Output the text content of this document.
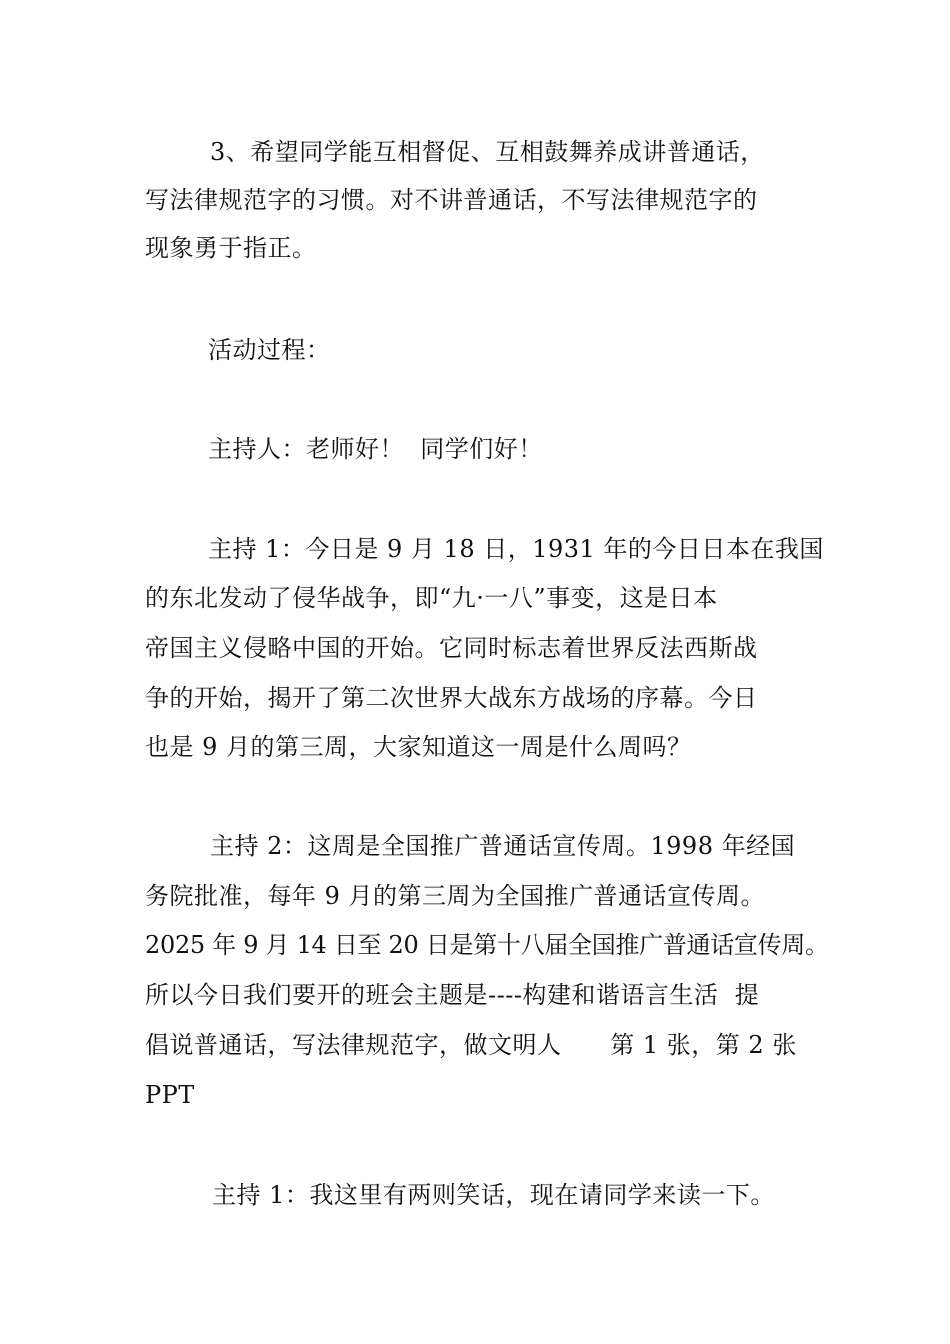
3、希望同学能互相督促、互相鼓舞养成讲普通话，
写法律规范字的习惯。对不讲普通话，不写法律规范字的
现象勇于指正。
活动过程：
主持人：老师好！  同学们好！
主持 1：今日是 9 月 18 日，1931 年的今日日本在我国
的东北发动了侵华战争，即“九·一八”事变，这是日本
帝国主义侵略中国的开始。它同时标志着世界反法西斯战
争的开始，揭开了第二次世界大战东方战场的序幕。今日
也是 9 月的第三周，大家知道这一周是什么周吗？
主持 2：这周是全国推广普通话宣传周。1998 年经国
务院批准，每年 9 月的第三周为全国推广普通话宣传周。
2025 年 9 月 14 日至 20 日是第十八届全国推广普通话宣传周。
所以今日我们要开的班会主题是----构建和谐语言生活  提
倡说普通话，写法律规范字，做文明人      第 1 张，第 2 张
PPT
主持 1：我这里有两则笑话，现在请同学来读一下。
